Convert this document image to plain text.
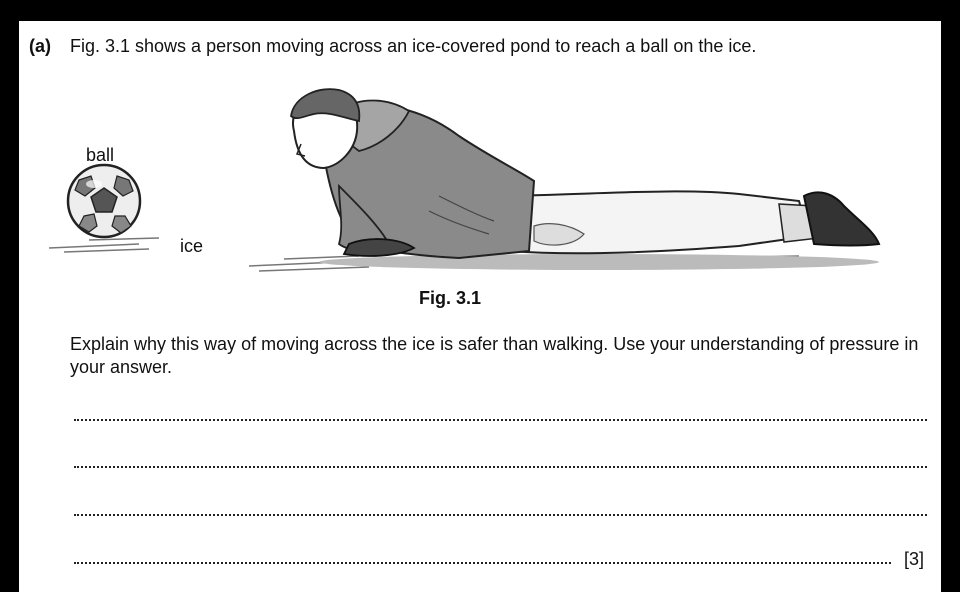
(a) Fig. 3.1 shows a person moving across an ice-covered pond to reach a ball on the ice.
ball
ice
Fig. 3.1
Explain why this way of moving across the ice is safer than walking. Use your understanding of pressure in your answer.
[3]
